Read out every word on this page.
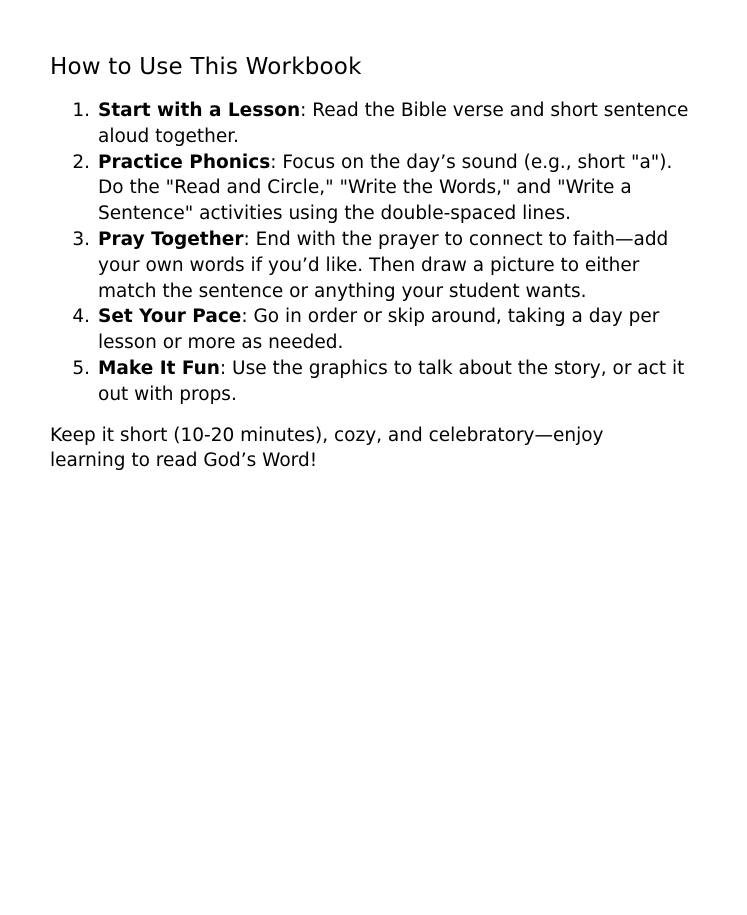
How to Use This Workbook
1. Start with a Lesson: Read the Bible verse and short sentence aloud together.
2. Practice Phonics: Focus on the day’s sound (e.g., short "a"). Do the "Read and Circle," "Write the Words," and "Write a Sentence" activities using the double-spaced lines.
3. Pray Together: End with the prayer to connect to faith—add your own words if you’d like. Then draw a picture to either match the sentence or anything your student wants.
4. Set Your Pace: Go in order or skip around, taking a day per lesson or more as needed.
5. Make It Fun: Use the graphics to talk about the story, or act it out with props.

Keep it short (10-20 minutes), cozy, and celebratory—enjoy learning to read God’s Word!
